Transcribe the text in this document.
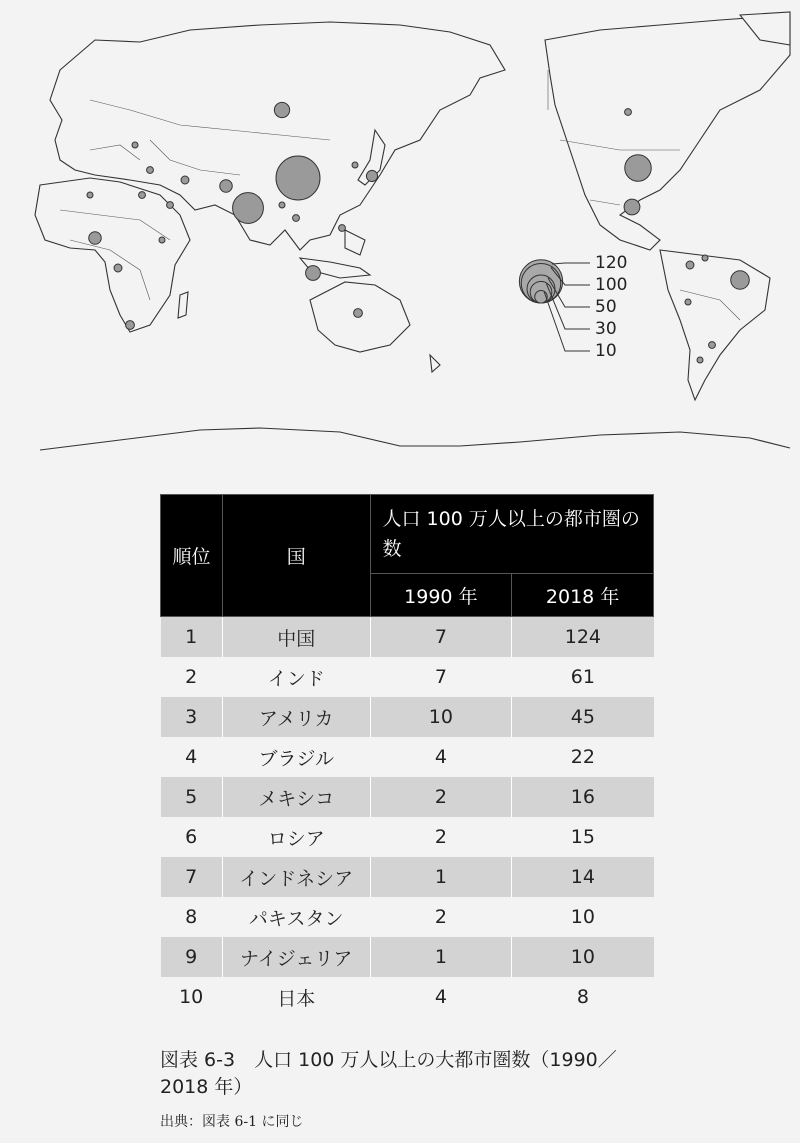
120
100
50
30
10
順位	国	人口 100 万人以上の都市圏の数	
		1990 年	2018 年
1	中国	7	124
2	インド	7	61
3	アメリカ	10	45
4	ブラジル	4	22
5	メキシコ	2	16
6	ロシア	2	15
7	インドネシア	1	14
8	パキスタン	2	10
9	ナイジェリア	1	10
10	日本	4	8
図表 6-3　人口 100 万人以上の大都市圏数（1990／
2018 年）
出典：図表 6-1 に同じ
